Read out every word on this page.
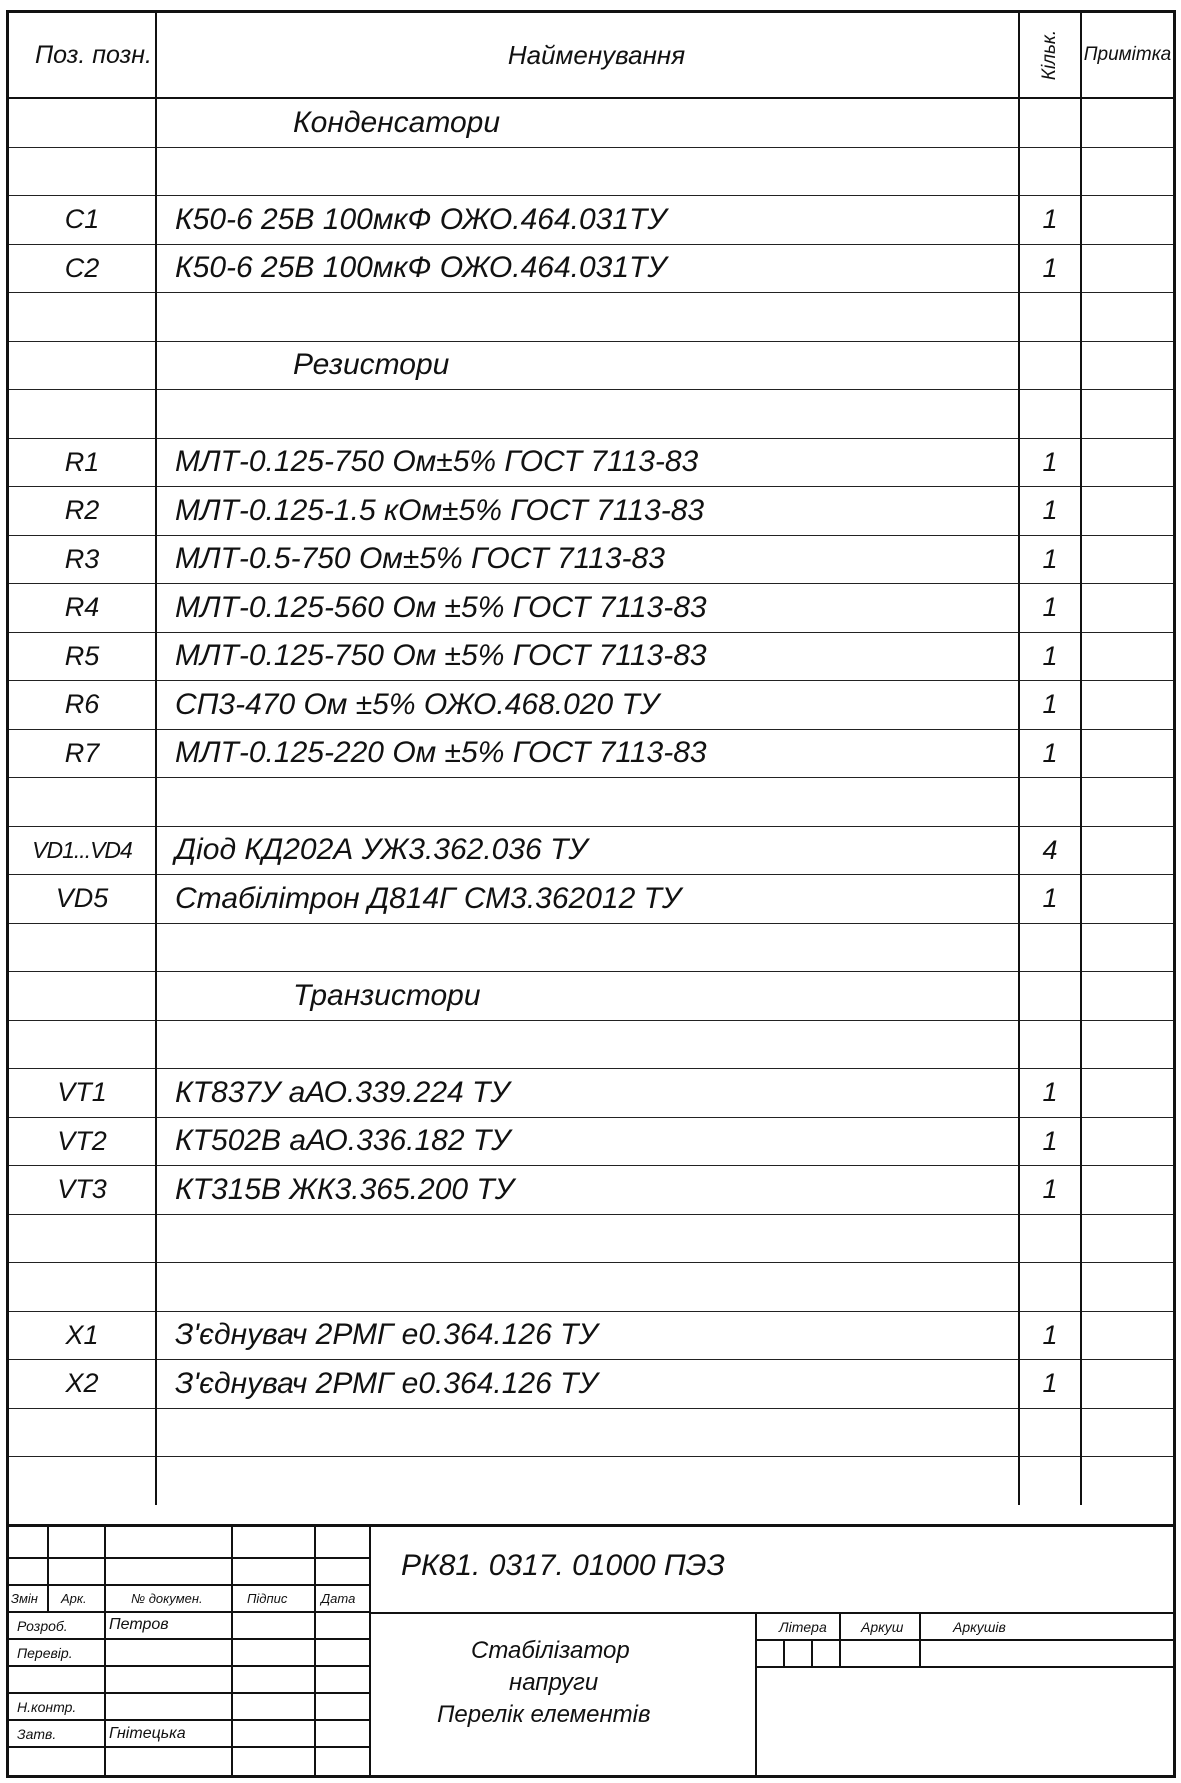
Поз. позн.	Найменування	Кільк.	Примітка
	Конденсатори		

C1	К50-6 25В 100мкФ ОЖО.464.031ТУ	1	
C2	К50-6 25В 100мкФ ОЖО.464.031ТУ	1	

	Резистори		

R1	МЛТ-0.125-750 Ом±5% ГОСТ 7113-83	1	
R2	МЛТ-0.125-1.5 кОм±5% ГОСТ 7113-83	1	
R3	МЛТ-0.5-750 Ом±5% ГОСТ 7113-83	1	
R4	МЛТ-0.125-560 Ом ±5% ГОСТ 7113-83	1	
R5	МЛТ-0.125-750 Ом ±5% ГОСТ 7113-83	1	
R6	СП3-470 Ом ±5% ОЖО.468.020 ТУ	1	
R7	МЛТ-0.125-220 Ом ±5% ГОСТ 7113-83	1	

VD1...VD4	Діод КД202А УЖ3.362.036 ТУ	4	
VD5	Стабілітрон Д814Г СМ3.362012 ТУ	1	

	Транзистори		

VT1	КТ837У аАО.339.224 ТУ	1	
VT2	КТ502В аАО.336.182 ТУ	1	
VT3	КТ315В ЖК3.365.200 ТУ	1	

X1	З'єднувач 2РМГ е0.364.126 ТУ	1	
X2	З'єднувач 2РМГ е0.364.126 ТУ	1	

РК81. 0317. 01000 ПЭЗ
Змін Арк.	№ докумен.	Підпис	Дата
Розроб.	Петров
Перевір.
Н.контр.
Затв.	Гнітецька
Стабілізатор
напруги
Перелік елементів
Літера Аркуш	Аркушів
